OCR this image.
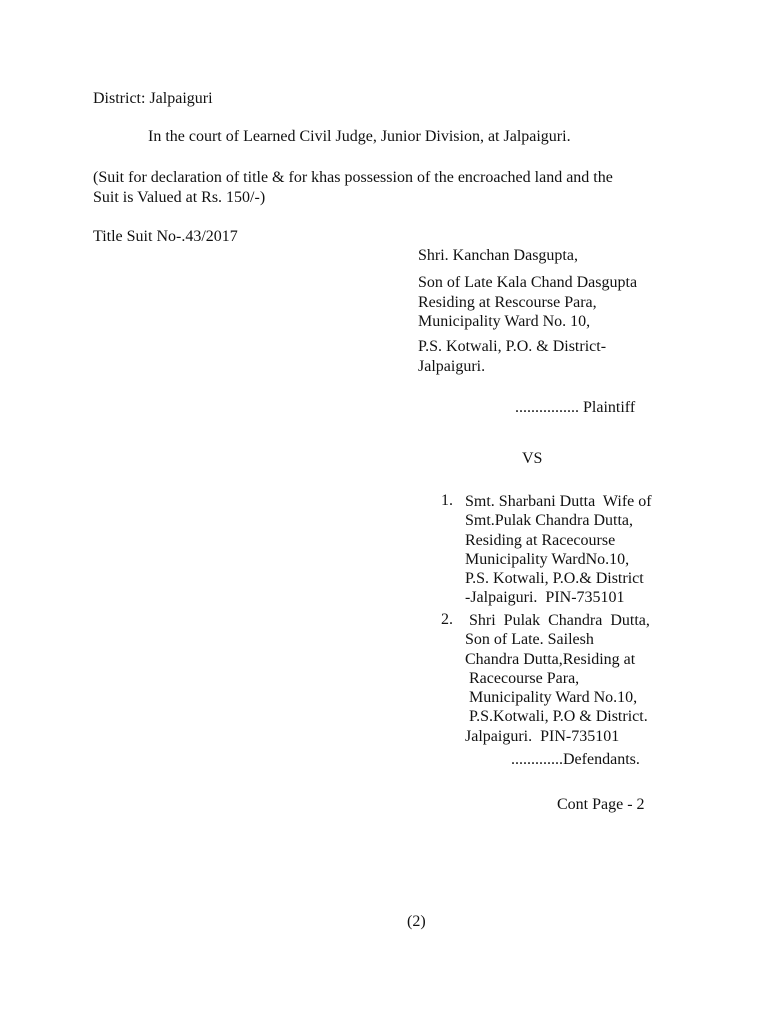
District: Jalpaiguri

In the court of Learned Civil Judge, Junior Division, at Jalpaiguri.

(Suit for declaration of title & for khas possession of the encroached land and the
Suit is Valued at Rs. 150/-)

Title Suit No-.43/2017

Shri. Kanchan Dasgupta,

Son of Late Kala Chand Dasgupta
Residing at Rescourse Para,
Municipality Ward No. 10,
P.S. Kotwali, P.O. & District-
Jalpaiguri.

................ Plaintiff

VS

1. Smt. Sharbani Dutta  Wife of
Smt.Pulak Chandra Dutta,
Residing at Racecourse
Municipality WardNo.10,
P.S. Kotwali, P.O.& District
-Jalpaiguri.  PIN-735101
2. Shri  Pulak  Chandra  Dutta,
Son of Late. Sailesh
Chandra Dutta,Residing at
Racecourse Para,
Municipality Ward No.10,
P.S.Kotwali, P.O & District.
Jalpaiguri.  PIN-735101

.............Defendants.

Cont Page - 2

(2)
